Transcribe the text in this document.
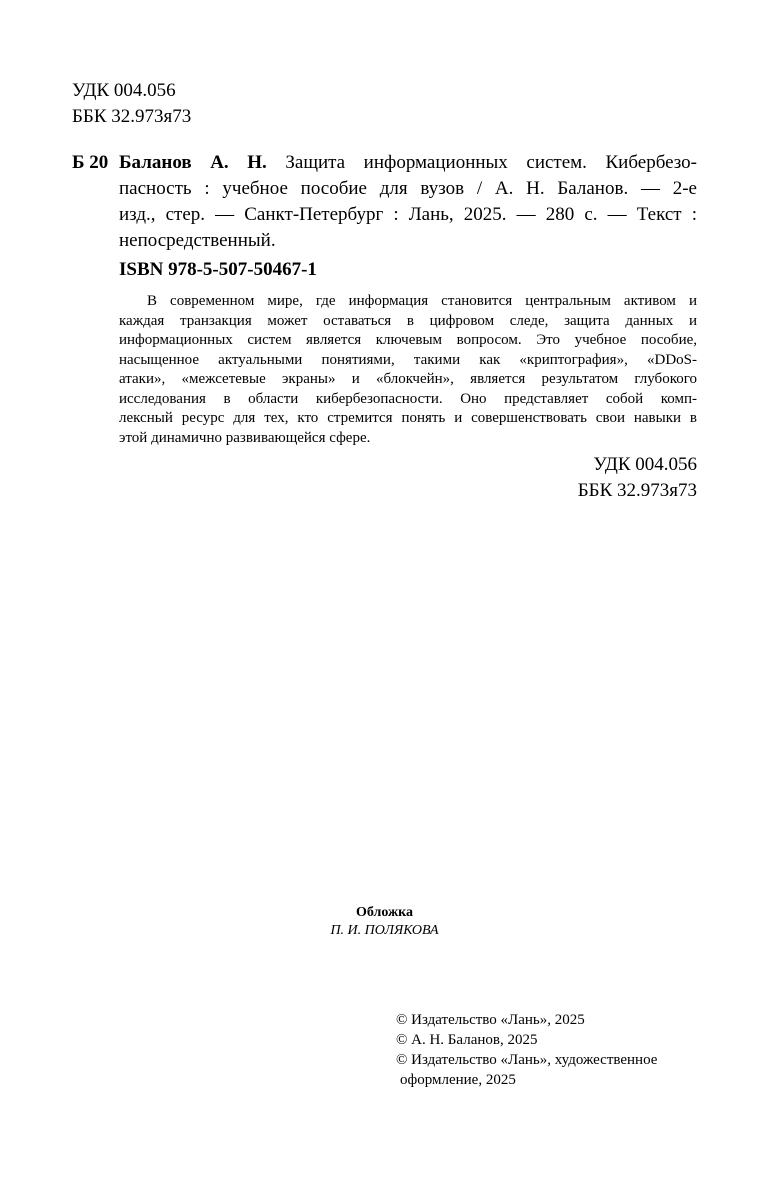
УДК 004.056
ББК 32.973я73
Б 20 Баланов А. Н. Защита информационных систем. Кибербезо-
пасность : учебное пособие для вузов / А. Н. Баланов. — 2-е
изд., стер. — Санкт-Петербург : Лань, 2025. — 280 с. — Текст :
непосредственный.
ISBN 978-5-507-50467-1
В современном мире, где информация становится центральным активом и
каждая транзакция может оставаться в цифровом следе, защита данных и
информационных систем является ключевым вопросом. Это учебное пособие,
насыщенное актуальными понятиями, такими как «криптография», «DDoS-
атаки», «межсетевые экраны» и «блокчейн», является результатом глубокого
исследования в области кибербезопасности. Оно представляет собой комп-
лексный ресурс для тех, кто стремится понять и совершенствовать свои навыки в
этой динамично развивающейся сфере.
УДК 004.056
ББК 32.973я73
Обложка
П. И. ПОЛЯКОВА
© Издательство «Лань», 2025
© А. Н. Баланов, 2025
© Издательство «Лань», художественное
оформление, 2025
